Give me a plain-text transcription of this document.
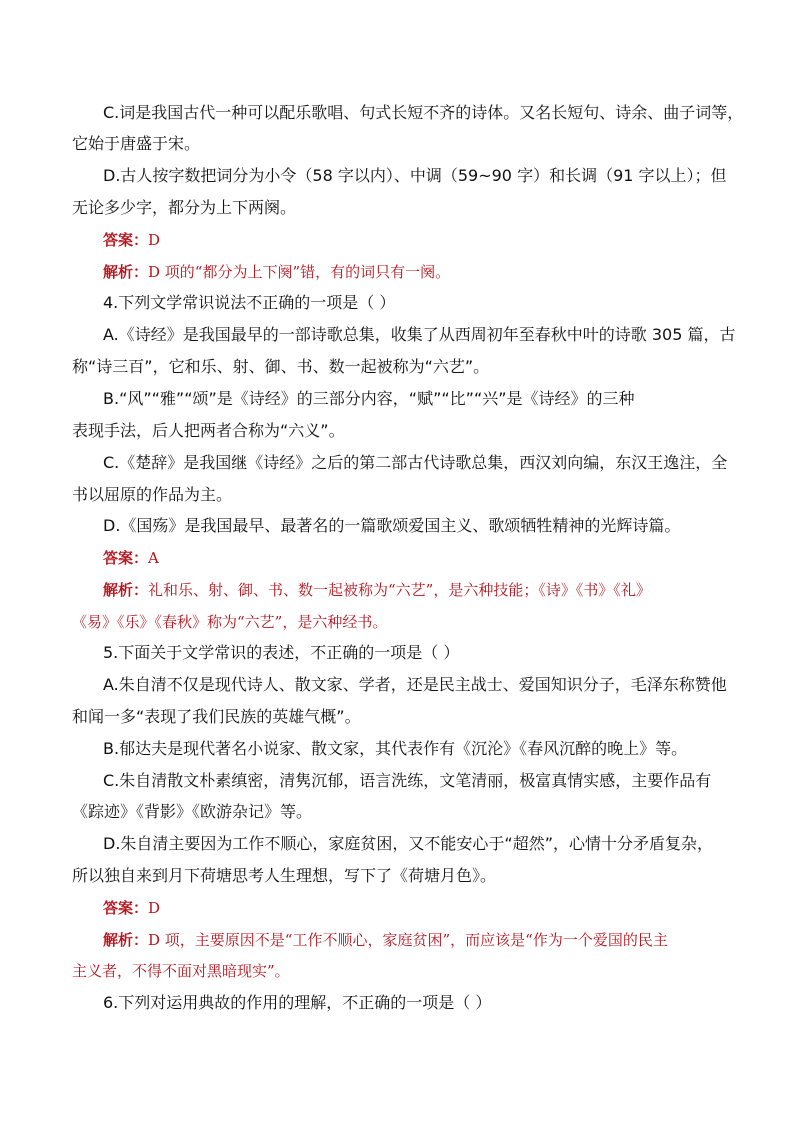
C.词是我国古代一种可以配乐歌唱、句式长短不齐的诗体。又名长短句、诗余、曲子词等，
它始于唐盛于宋。
D.古人按字数把词分为小令（58 字以内）、中调（59~90 字）和长调（91 字以上）；但
无论多少字，都分为上下两阕。
答案：D
解析：D 项的“都分为上下阕”错，有的词只有一阕。
4.下列文学常识说法不正确的一项是（ ）
A.《诗经》是我国最早的一部诗歌总集，收集了从西周初年至春秋中叶的诗歌 305 篇，古
称“诗三百”，它和乐、射、御、书、数一起被称为“六艺”。
B.“风”“雅”“颂”是《诗经》的三部分内容，“赋”“比”“兴”是《诗经》的三种
表现手法，后人把两者合称为“六义”。
C.《楚辞》是我国继《诗经》之后的第二部古代诗歌总集，西汉刘向编，东汉王逸注，全
书以屈原的作品为主。
D.《国殇》是我国最早、最著名的一篇歌颂爱国主义、歌颂牺牲精神的光辉诗篇。
答案：A
解析：礼和乐、射、御、书、数一起被称为“六艺”，是六种技能；《诗》《书》《礼》
《易》《乐》《春秋》称为“六艺”，是六种经书。
5.下面关于文学常识的表述，不正确的一项是（ ）
A.朱自清不仅是现代诗人、散文家、学者，还是民主战士、爱国知识分子，毛泽东称赞他
和闻一多“表现了我们民族的英雄气概”。
B.郁达夫是现代著名小说家、散文家，其代表作有《沉沦》《春风沉醉的晚上》等。
C.朱自清散文朴素缜密，清隽沉郁，语言洗练，文笔清丽，极富真情实感，主要作品有
《踪迹》《背影》《欧游杂记》等。
D.朱自清主要因为工作不顺心，家庭贫困，又不能安心于“超然”，心情十分矛盾复杂，
所以独自来到月下荷塘思考人生理想，写下了《荷塘月色》。
答案：D
解析：D 项，主要原因不是“工作不顺心，家庭贫困”，而应该是“作为一个爱国的民主
主义者，不得不面对黑暗现实”。
6.下列对运用典故的作用的理解，不正确的一项是（ ）
